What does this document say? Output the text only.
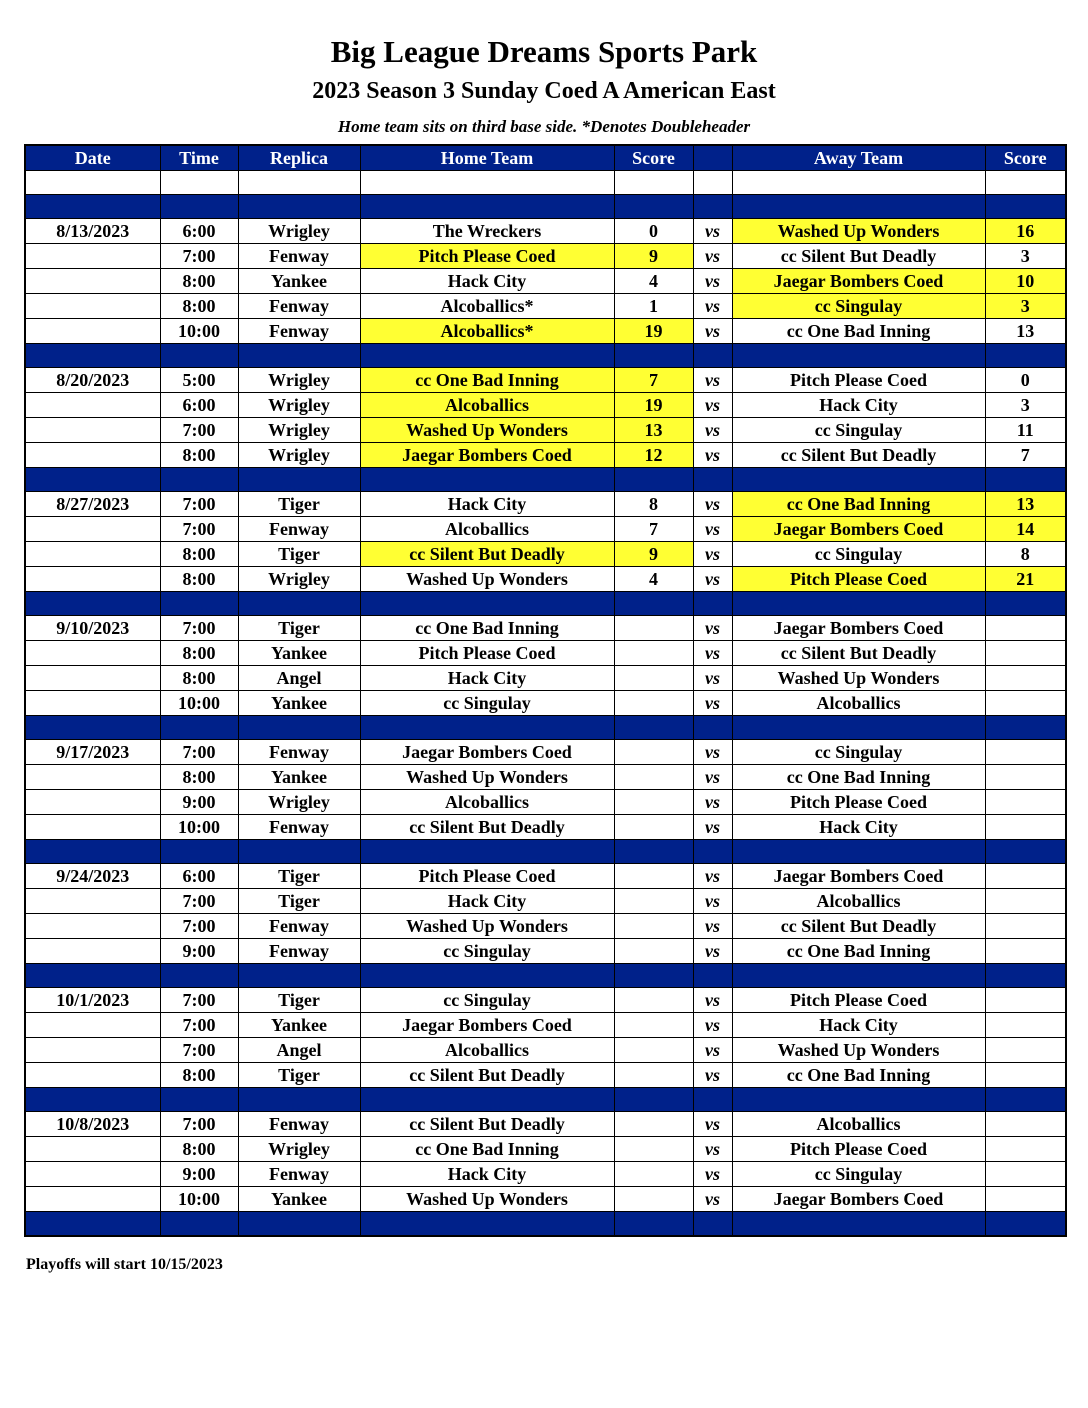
Big League Dreams Sports Park
2023 Season 3 Sunday Coed A American East
Home team sits on third base side. *Denotes Doubleheader
Date	Time	Replica	Home Team	Score		Away Team	Score

8/13/2023	6:00	Wrigley	The Wreckers	0	vs	Washed Up Wonders	16
	7:00	Fenway	Pitch Please Coed	9	vs	cc Silent But Deadly	3
	8:00	Yankee	Hack City	4	vs	Jaegar Bombers Coed	10
	8:00	Fenway	Alcoballics*	1	vs	cc Singulay	3
	10:00	Fenway	Alcoballics*	19	vs	cc One Bad Inning	13

8/20/2023	5:00	Wrigley	cc One Bad Inning	7	vs	Pitch Please Coed	0
	6:00	Wrigley	Alcoballics	19	vs	Hack City	3
	7:00	Wrigley	Washed Up Wonders	13	vs	cc Singulay	11
	8:00	Wrigley	Jaegar Bombers Coed	12	vs	cc Silent But Deadly	7

8/27/2023	7:00	Tiger	Hack City	8	vs	cc One Bad Inning	13
	7:00	Fenway	Alcoballics	7	vs	Jaegar Bombers Coed	14
	8:00	Tiger	cc Silent But Deadly	9	vs	cc Singulay	8
	8:00	Wrigley	Washed Up Wonders	4	vs	Pitch Please Coed	21

9/10/2023	7:00	Tiger	cc One Bad Inning		vs	Jaegar Bombers Coed	
	8:00	Yankee	Pitch Please Coed		vs	cc Silent But Deadly	
	8:00	Angel	Hack City		vs	Washed Up Wonders	
	10:00	Yankee	cc Singulay		vs	Alcoballics	

9/17/2023	7:00	Fenway	Jaegar Bombers Coed		vs	cc Singulay	
	8:00	Yankee	Washed Up Wonders		vs	cc One Bad Inning	
	9:00	Wrigley	Alcoballics		vs	Pitch Please Coed	
	10:00	Fenway	cc Silent But Deadly		vs	Hack City	

9/24/2023	6:00	Tiger	Pitch Please Coed		vs	Jaegar Bombers Coed	
	7:00	Tiger	Hack City		vs	Alcoballics	
	7:00	Fenway	Washed Up Wonders		vs	cc Silent But Deadly	
	9:00	Fenway	cc Singulay		vs	cc One Bad Inning	

10/1/2023	7:00	Tiger	cc Singulay		vs	Pitch Please Coed	
	7:00	Yankee	Jaegar Bombers Coed		vs	Hack City	
	7:00	Angel	Alcoballics		vs	Washed Up Wonders	
	8:00	Tiger	cc Silent But Deadly		vs	cc One Bad Inning	

10/8/2023	7:00	Fenway	cc Silent But Deadly		vs	Alcoballics	
	8:00	Wrigley	cc One Bad Inning		vs	Pitch Please Coed	
	9:00	Fenway	Hack City		vs	cc Singulay	
	10:00	Yankee	Washed Up Wonders		vs	Jaegar Bombers Coed	

Playoffs will start 10/15/2023
